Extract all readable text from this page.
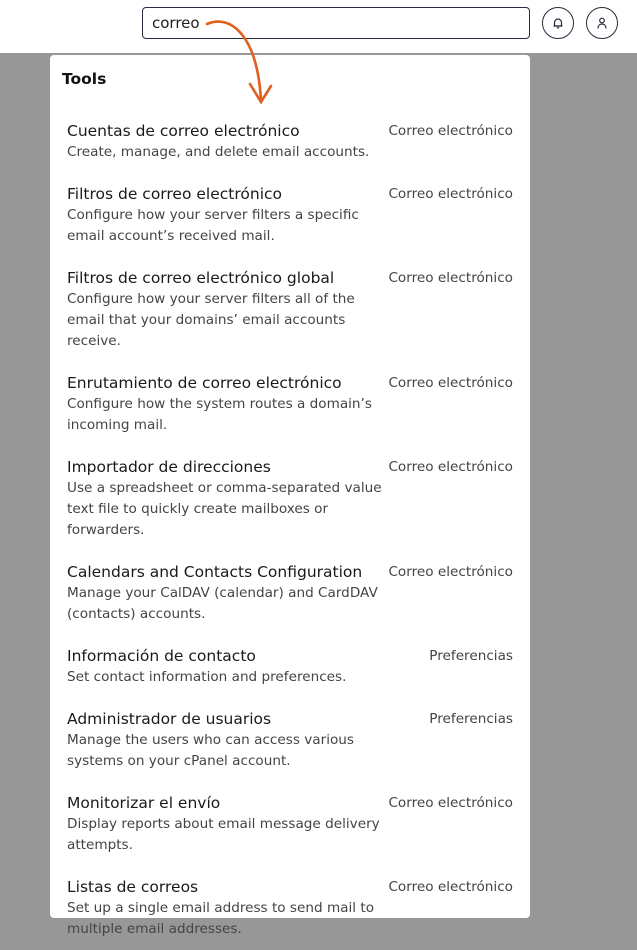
correo
Tools
Cuentas de correo electrónico
Create, manage, and delete email accounts.
Correo electrónico
Filtros de correo electrónico
Configure how your server filters a specific email account’s received mail.
Correo electrónico
Filtros de correo electrónico global
Configure how your server filters all of the email that your domains’ email accounts receive.
Correo electrónico
Enrutamiento de correo electrónico
Configure how the system routes a domain’s incoming mail.
Correo electrónico
Importador de direcciones
Use a spreadsheet or comma-separated value text file to quickly create mailboxes or forwarders.
Correo electrónico
Calendars and Contacts Configuration
Manage your CalDAV (calendar) and CardDAV (contacts) accounts.
Correo electrónico
Información de contacto
Set contact information and preferences.
Preferencias
Administrador de usuarios
Manage the users who can access various systems on your cPanel account.
Preferencias
Monitorizar el envío
Display reports about email message delivery attempts.
Correo electrónico
Listas de correos
Set up a single email address to send mail to multiple email addresses.
Correo electrónico
